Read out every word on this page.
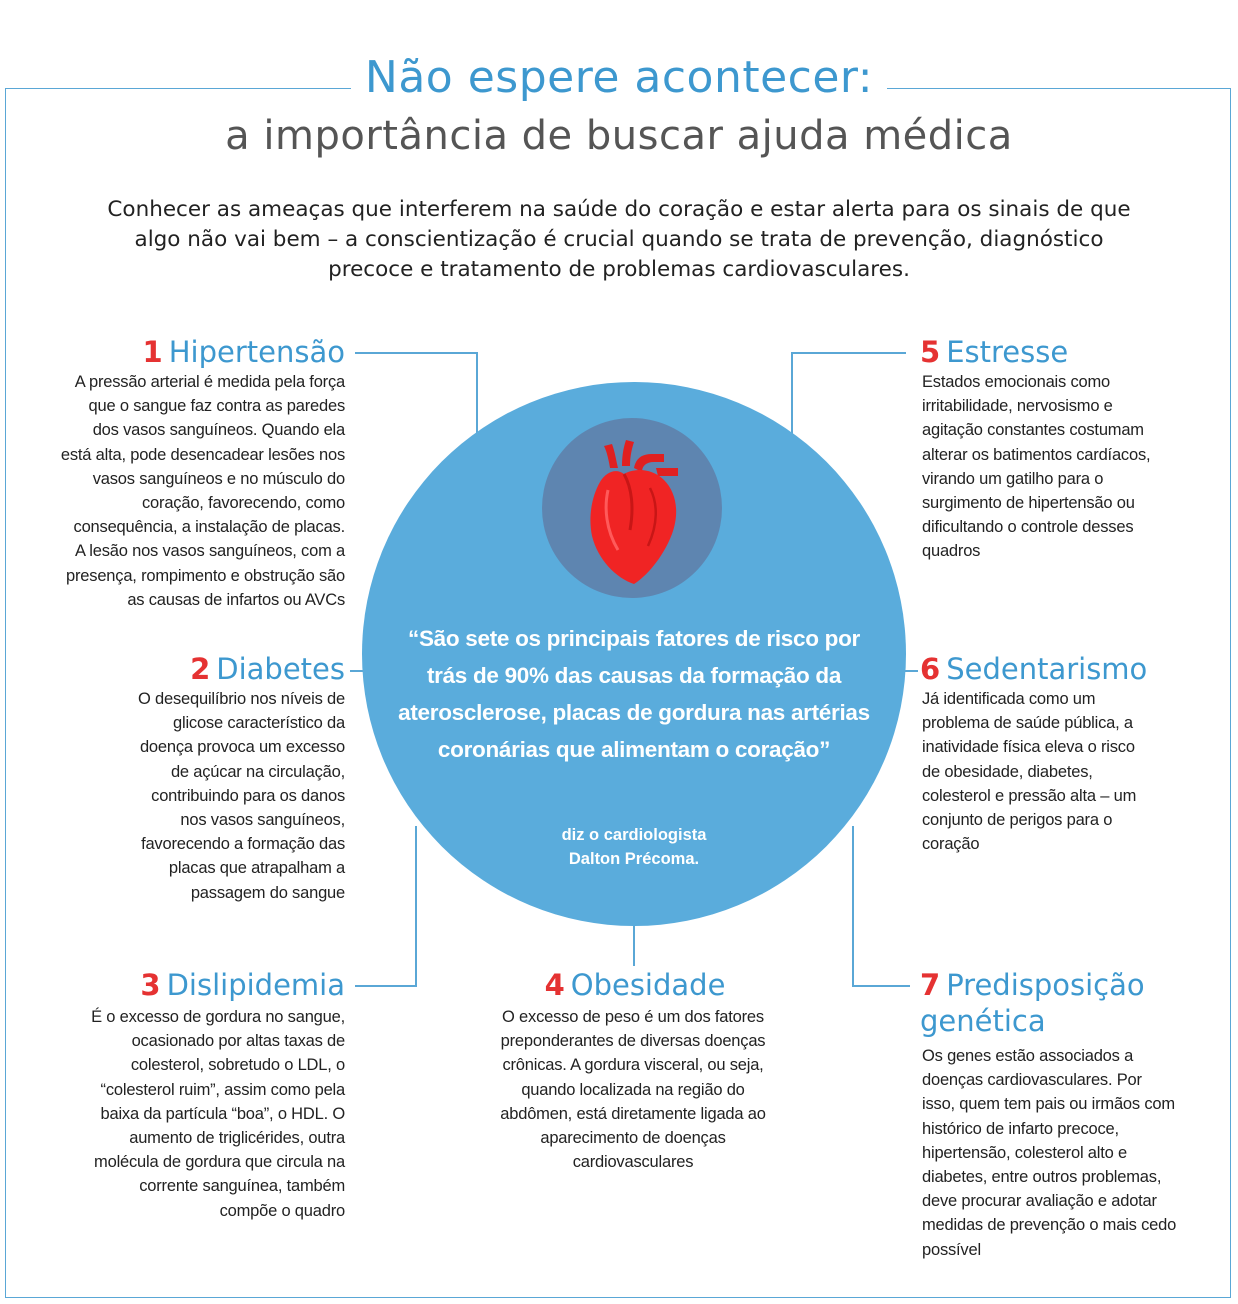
Não espere acontecer:
a importância de buscar ajuda médica
Conhecer as ameaças que interferem na saúde do coração e estar alerta para os sinais de que algo não vai bem – a conscientização é crucial quando se trata de prevenção, diagnóstico precoce e tratamento de problemas cardiovasculares.
“São sete os principais fatores de risco por trás de 90% das causas da formação da aterosclerose, placas de gordura nas artérias coronárias que alimentam o coração”
diz o cardiologista
Dalton Précoma.
1 Hipertensão
A pressão arterial é medida pela força que o sangue faz contra as paredes dos vasos sanguíneos. Quando ela está alta, pode desencadear lesões nos vasos sanguíneos e no músculo do coração, favorecendo, como consequência, a instalação de placas. A lesão nos vasos sanguíneos, com a presença, rompimento e obstrução são as causas de infartos ou AVCs
2 Diabetes
O desequilíbrio nos níveis de glicose característico da doença provoca um excesso de açúcar na circulação, contribuindo para os danos nos vasos sanguíneos, favorecendo a formação das placas que atrapalham a passagem do sangue
3 Dislipidemia
É o excesso de gordura no sangue, ocasionado por altas taxas de colesterol, sobretudo o LDL, o “colesterol ruim”, assim como pela baixa da partícula “boa”, o HDL. O aumento de triglicérides, outra molécula de gordura que circula na corrente sanguínea, também compõe o quadro
4 Obesidade
O excesso de peso é um dos fatores preponderantes de diversas doenças crônicas. A gordura visceral, ou seja, quando localizada na região do abdômen, está diretamente ligada ao aparecimento de doenças cardiovasculares
5 Estresse
Estados emocionais como irritabilidade, nervosismo e agitação constantes costumam alterar os batimentos cardíacos, virando um gatilho para o surgimento de hipertensão ou dificultando o controle desses quadros
6 Sedentarismo
Já identificada como um problema de saúde pública, a inatividade física eleva o risco de obesidade, diabetes, colesterol e pressão alta – um conjunto de perigos para o coração
7 Predisposição genética
Os genes estão associados a doenças cardiovasculares. Por isso, quem tem pais ou irmãos com histórico de infarto precoce, hipertensão, colesterol alto e diabetes, entre outros problemas, deve procurar avaliação e adotar medidas de prevenção o mais cedo possível
